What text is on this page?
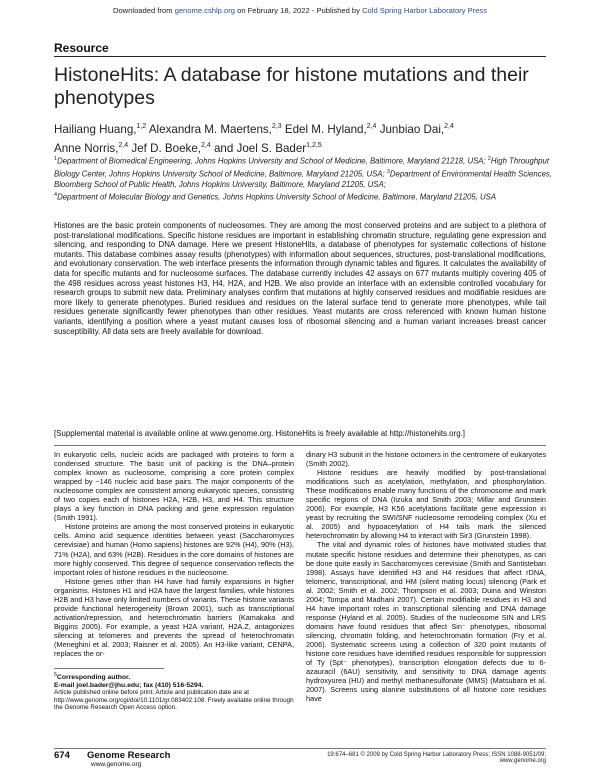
Downloaded from genome.cshlp.org on February 18, 2022 - Published by Cold Spring Harbor Laboratory Press
Resource
HistoneHits: A database for histone mutations and their phenotypes
Hailiang Huang,$^{1,2}$ Alexandra M. Maertens,$^{2,3}$ Edel M. Hyland,$^{2,4}$ Junbiao Dai,$^{2,4}$
Anne Norris,$^{2,4}$ Jef D. Boeke,$^{2,4}$ and Joel S. Bader$^{1,2,5}$
$^1$Department of Biomedical Engineering, Johns Hopkins University and School of Medicine, Baltimore, Maryland 21218, USA; $^2$High Throughput Biology Center, Johns Hopkins University School of Medicine, Baltimore, Maryland 21205, USA; $^3$Department of Environmental Health Sciences, Bloomberg School of Public Health, Johns Hopkins University, Baltimore, Maryland 21205, USA;
$^4$Department of Molecular Biology and Genetics, Johns Hopkins University School of Medicine, Baltimore, Maryland 21205, USA
Histones are the basic protein components of nucleosomes. They are among the most conserved proteins and are subject to a plethora of post-translational modifications. Specific histone residues are important in establishing chromatin structure, regulating gene expression and silencing, and responding to DNA damage. Here we present HistoneHits, a database of phenotypes for systematic collections of histone mutants. This database combines assay results (phenotypes) with information about sequences, structures, post-translational modifications, and evolutionary conservation. The web interface presents the information through dynamic tables and figures. It calculates the availability of data for specific mutants and for nucleosome surfaces. The database currently includes 42 assays on 677 mutants multiply covering 405 of the 498 residues across yeast histones H3, H4, H2A, and H2B. We also provide an interface with an extensible controlled vocabulary for research groups to submit new data. Preliminary analyses confirm that mutations at highly conserved residues and modifiable residues are more likely to generate phenotypes. Buried residues and residues on the lateral surface tend to generate more phenotypes, while tail residues generate significantly fewer phenotypes than other residues. Yeast mutants are cross referenced with known human histone variants, identifying a position where a yeast mutant causes loss of ribosomal silencing and a human variant increases breast cancer susceptibility. All data sets are freely available for download.
[Supplemental material is available online at www.genome.org. HistoneHits is freely available at http://histonehits.org.]

In eukaryotic cells, nucleic acids are packaged with proteins to form a condensed structure. The basic unit of packing is the DNA–protein complex known as nucleosome, comprising a core protein complex wrapped by ~146 nucleic acid base pairs. The major components of the nucleosome complex are consistent among eukaryotic species, consisting of two copies each of histones H2A, H2B, H3, and H4. This structure plays a key function in DNA packing and gene expression regulation (Smith 1991).

Histone proteins are among the most conserved proteins in eukaryotic cells. Amino acid sequence identities between yeast (Saccharomyces cerevisiae) and human (Homo sapiens) histones are 92% (H4), 90% (H3), 71% (H2A), and 63% (H2B). Residues in the core domains of histones are more highly conserved. This degree of sequence conservation reflects the important roles of histone residues in the nucleosome.

Histone genes other than H4 have had family expansions in higher organisms. Histones H1 and H2A have the largest families, while histones H2B and H3 have only limited numbers of variants. These histone variants provide functional heterogeneity (Brown 2001), such as transcriptional activation/repression, and heterochromatin barriers (Kamakaka and Biggins 2005). For example, a yeast H2A variant, H2A.Z, antagonizes silencing at telomeres and prevents the spread of heterochromatin (Meneghini et al. 2003; Raisner et al. 2005). An H3-like variant, CENPA, replaces the or-

dinary H3 subunit in the histone octomers in the centromere of eukaryotes (Smith 2002).

Histone residues are heavily modified by post-translational modifications such as acetylation, methylation, and phosphorylation. These modifications enable many functions of the chromosome and mark specific regions of DNA (Iizuka and Smith 2003; Millar and Grunstein 2006). For example, H3 K56 acetylations facilitate gene expression in yeast by recruiting the SWI/SNF nucleosome remodeling complex (Xu et al. 2005) and hypoacetylation of H4 tails mark the silenced heterochromatin by allowing H4 to interact with Sir3 (Grunstein 1998).

The vital and dynamic roles of histones have motivated studies that mutate specific histone residues and determine their phenotypes, as can be done quite easily in Saccharomyces cerevisiae (Smith and Santisteban 1998). Assays have identified H3 and H4 residues that affect rDNA, telomeric, transcriptional, and HM (silent mating locus) silencing (Park et al. 2002; Smith et al. 2002; Thompson et al. 2003; Duina and Winston 2004; Tompa and Madhani 2007). Certain modifiable residues in H3 and H4 have important roles in transcriptional silencing and DNA damage response (Hyland et al. 2005). Studies of the nucleosome SIN and LRS domains have found residues that affect Sin⁻ phenotypes, ribosomal silencing, chromatin folding, and heterochromatin formation (Fry et al. 2006). Systematic screens using a collection of 320 point mutants of histone core residues have identified residues responsible for suppression of Ty (Spt⁻ phenotypes), transcription elongation defects due to 6-azauracil (6AU) sensitivity, and sensitivity to DNA damage agents hydroxyurea (HU) and methyl methanesulfonate (MMS) (Matsubara et al. 2007). Screens using alanine substitutions of all histone core residues have

$^5$Corresponding author.
E-mail joel.bader@jhu.edu; fax (410) 516-5294.
Article published online before print. Article and publication date are at http://www.genome.org/cgi/doi/10.1101/gr.083402.108. Freely available online through the Genome Research Open Access option.
674 Genome Research
www.genome.org
19:674–681 © 2009 by Cold Spring Harbor Laboratory Press; ISSN 1088-9051/09; www.genome.org
